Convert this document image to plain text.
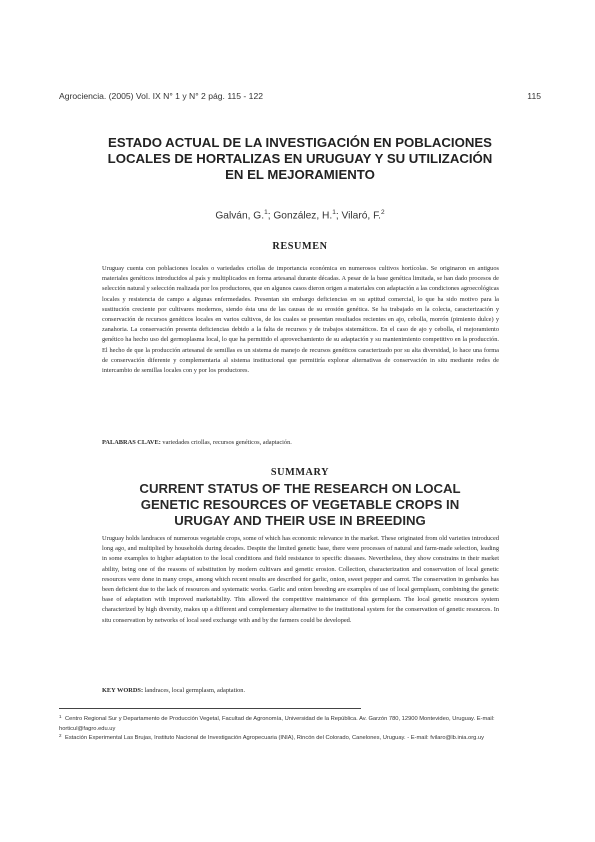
Agrociencia. (2005) Vol. IX N° 1 y N° 2 pág. 115 - 122	115
ESTADO ACTUAL DE LA INVESTIGACIÓN EN POBLACIONES
LOCALES DE HORTALIZAS EN URUGUAY Y SU UTILIZACIÓN
EN EL MEJORAMIENTO
Galván, G.$^1$; González, H.$^1$; Vilaró, F.$^2$
RESUMEN

Uruguay cuenta con poblaciones locales o variedades criollas de importancia económica en numerosos cultivos hortícolas. Se originaron en antiguos materiales genéticos introducidos al país y multiplicados en forma artesanal durante décadas. A pesar de la base genética limitada, se han dado procesos de selección natural y selección realizada por los productores, que en algunos casos dieron origen a materiales con adaptación a las condiciones agroecológicas locales y resistencia de campo a algunas enfermedades. Presentan sin embargo deficiencias en su aptitud comercial, lo que ha sido motivo para la sustitución creciente por cultivares modernos, siendo ésta una de las causas de su erosión genética. Se ha trabajado en la colecta, caracterización y conservación de recursos genéticos locales en varios cultivos, de los cuales se presentan resultados recientes en ajo, cebolla, morrón (pimiento dulce) y zanahoria. La conservación presenta deficiencias debido a la falta de recursos y de trabajos sistemáticos. En el caso de ajo y cebolla, el mejoramiento genético ha hecho uso del germoplasma local, lo que ha permitido el aprovechamiento de su adaptación y su mantenimiento competitivo en la producción. El hecho de que la producción artesanal de semillas es un sistema de manejo de recursos genéticos caracterizado por su alta diversidad, lo hace una forma de conservación diferente y complementaria al sistema institucional que permitiría explorar alternativas de conservación in situ mediante redes de intercambio de semillas locales con y por los productores.

PALABRAS CLAVE: variedades criollas, recursos genéticos, adaptación.

SUMMARY
CURRENT STATUS OF THE RESEARCH ON LOCAL
GENETIC RESOURCES OF VEGETABLE CROPS IN
URUGAY AND THEIR USE IN BREEDING

Uruguay holds landraces of numerous vegetable crops, some of which has economic relevance in the market. These originated from old varieties introduced long ago, and multiplied by households during decades. Despite the limited genetic base, there were processes of natural and farm-made selection, leading in some examples to higher adaptation to the local conditions and field resistance to specific diseases. Nevertheless, they show constrains in their market ability, being one of the reasons of substitution by modern cultivars and genetic erosion. Collection, characterization and conservation of local genetic resources were done in many crops, among which recent results are described for garlic, onion, sweet pepper and carrot. The conservation in genbanks has been deficient due to the lack of resources and systematic works. Garlic and onion breeding are examples of use of local germplasm, combining the genetic base of adaptation with improved marketability. This allowed the competitive maintenance of this germplasm. The local genetic resources system characterized by high diversity, makes up a different and complementary alternative to the institutional system for the conservation of genetic resources. In situ conservation by networks of local seed exchange with and by the farmers could be developed.

KEY WORDS: landraces, local germplasm, adaptation.

1 Centro Regional Sur y Departamento de Producción Vegetal, Facultad de Agronomía, Universidad de la República. Av. Garzón 780, 12900 Montevideo, Uruguay. E-mail: horticul@fagro.edu.uy

2 Estación Experimental Las Brujas, Instituto Nacional de Investigación Agropecuaria (INIA), Rincón del Colorado, Canelones, Uruguay. - E-mail: fvilaro@lb.inia.org.uy
